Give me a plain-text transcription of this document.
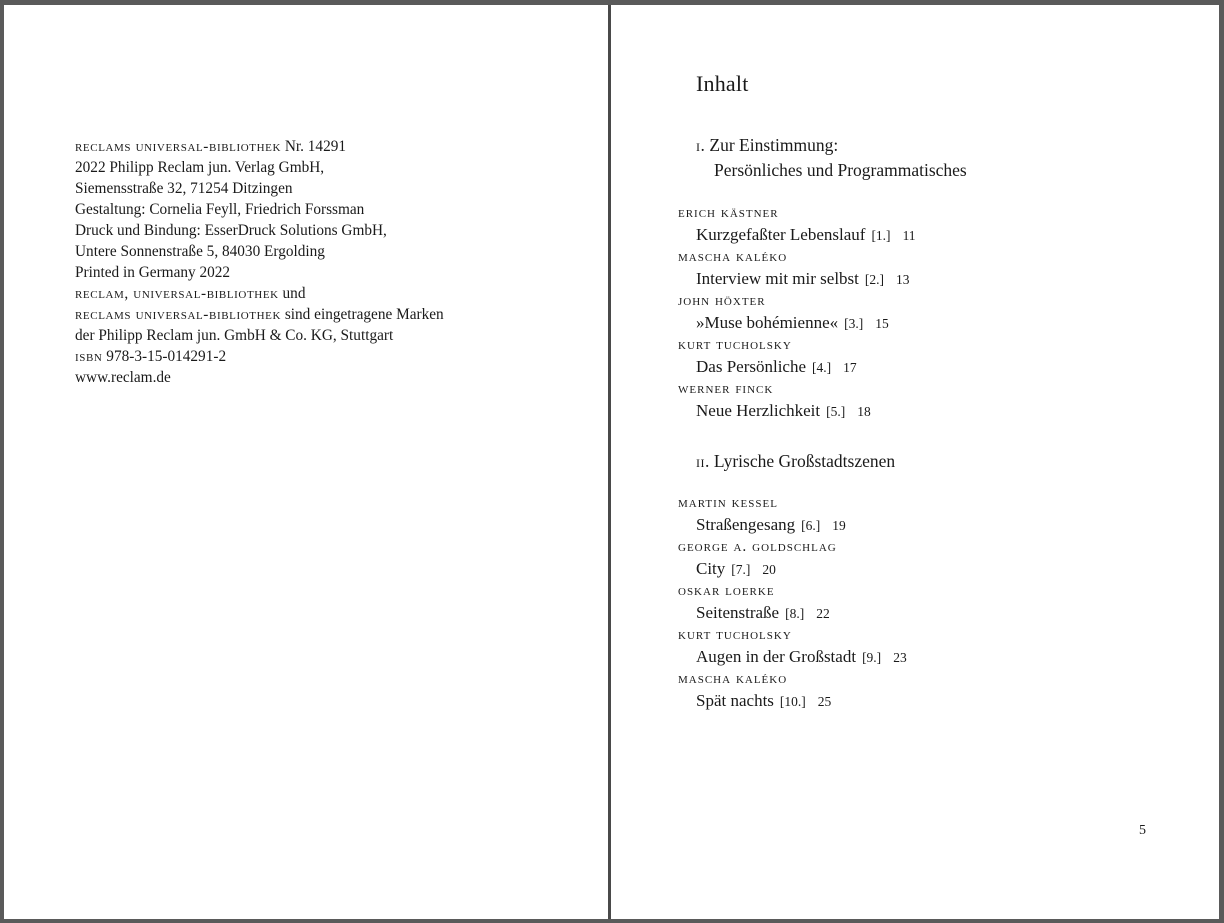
reclams universal-bibliothek Nr. 14291
2022 Philipp Reclam jun. Verlag GmbH,
Siemensstraße 32, 71254 Ditzingen
Gestaltung: Cornelia Feyll, Friedrich Forssman
Druck und Bindung: EsserDruck Solutions GmbH,
Untere Sonnenstraße 5, 84030 Ergolding
Printed in Germany 2022
reclam, universal-bibliothek und
reclams universal-bibliothek sind eingetragene Marken
der Philipp Reclam jun. GmbH & Co. KG, Stuttgart
isbn 978-3-15-014291-2
www.reclam.de
Inhalt
i. Zur Einstimmung:
Persönliches und Programmatisches
erich kästner
Kurzgefaßter Lebenslauf [1.] 11
mascha kaléko
Interview mit mir selbst [2.] 13
john höxter
»Muse bohémienne« [3.] 15
kurt tucholsky
Das Persönliche [4.] 17
werner finck
Neue Herzlichkeit [5.] 18
ii. Lyrische Großstadtszenen
martin kessel
Straßengesang [6.] 19
george a. goldschlag
City [7.] 20
oskar loerke
Seitenstraße [8.] 22
kurt tucholsky
Augen in der Großstadt [9.] 23
mascha kaléko
Spät nachts [10.] 25
5
